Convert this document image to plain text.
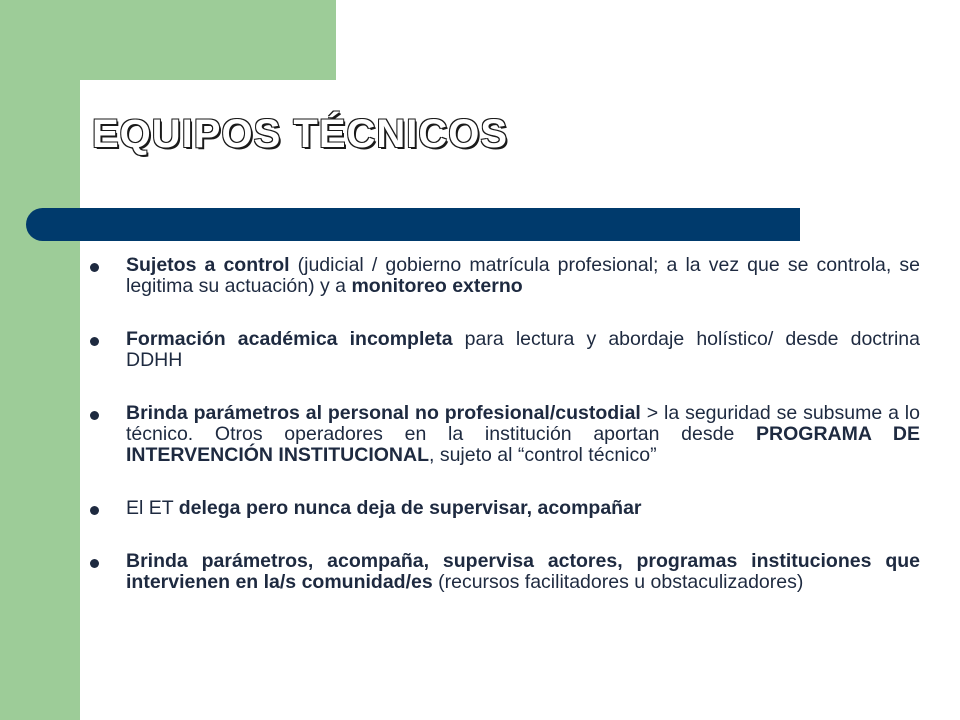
EQUIPOS TÉCNICOS
Sujetos a control (judicial / gobierno matrícula profesional; a la vez que se controla, se legitima su actuación) y a monitoreo externo
Formación académica incompleta para lectura y abordaje holístico/ desde doctrina DDHH
Brinda parámetros al personal no profesional/custodial > la seguridad se subsume a lo técnico. Otros operadores en la institución aportan desde PROGRAMA DE INTERVENCIÓN INSTITUCIONAL, sujeto al “control técnico”
El ET delega pero nunca deja de supervisar, acompañar
Brinda parámetros, acompaña, supervisa actores, programas instituciones que intervienen en la/s comunidad/es (recursos facilitadores u obstaculizadores)
